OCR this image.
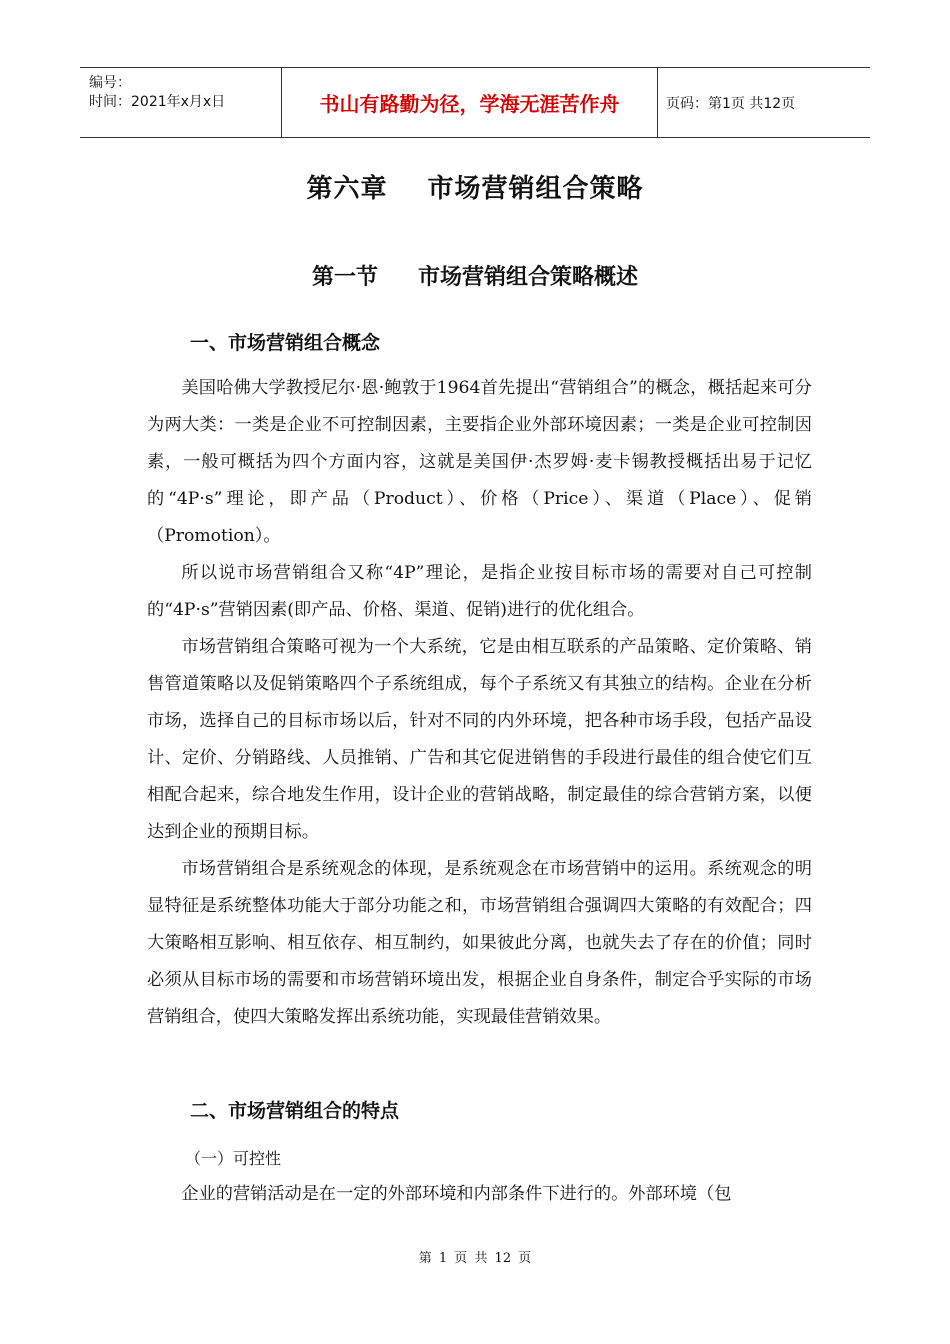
编号：
时间：2021年x月x日	书山有路勤为径，学海无涯苦作舟	页码：第1页 共12页
第六章 市场营销组合策略
第一节 市场营销组合策略概述
一、市场营销组合概念

美国哈佛大学教授尼尔·恩·鲍敦于1964首先提出“营销组合”的概念，概括起来可分为两大类：一类是企业不可控制因素，主要指企业外部环境因素；一类是企业可控制因素，一般可概括为四个方面内容，这就是美国伊·杰罗姆·麦卡锡教授概括出易于记忆的“4P·s”理论，即产品（Product）、价格（Price）、渠道（Place）、促销（Promotion）。

所以说市场营销组合又称“4P”理论，是指企业按目标市场的需要对自己可控制的“4P·s”营销因素(即产品、价格、渠道、促销)进行的优化组合。

市场营销组合策略可视为一个大系统，它是由相互联系的产品策略、定价策略、销售管道策略以及促销策略四个子系统组成，每个子系统又有其独立的结构。企业在分析市场，选择自己的目标市场以后，针对不同的内外环境，把各种市场手段，包括产品设计、定价、分销路线、人员推销、广告和其它促进销售的手段进行最佳的组合使它们互相配合起来，综合地发生作用，设计企业的营销战略，制定最佳的综合营销方案，以便达到企业的预期目标。

市场营销组合是系统观念的体现，是系统观念在市场营销中的运用。系统观念的明显特征是系统整体功能大于部分功能之和，市场营销组合强调四大策略的有效配合；四大策略相互影响、相互依存、相互制约，如果彼此分离，也就失去了存在的价值；同时必须从目标市场的需要和市场营销环境出发，根据企业自身条件，制定合乎实际的市场营销组合，使四大策略发挥出系统功能，实现最佳营销效果。

二、市场营销组合的特点
（一）可控性

企业的营销活动是在一定的外部环境和内部条件下进行的。外部环境（包

第 1 页 共 12 页
